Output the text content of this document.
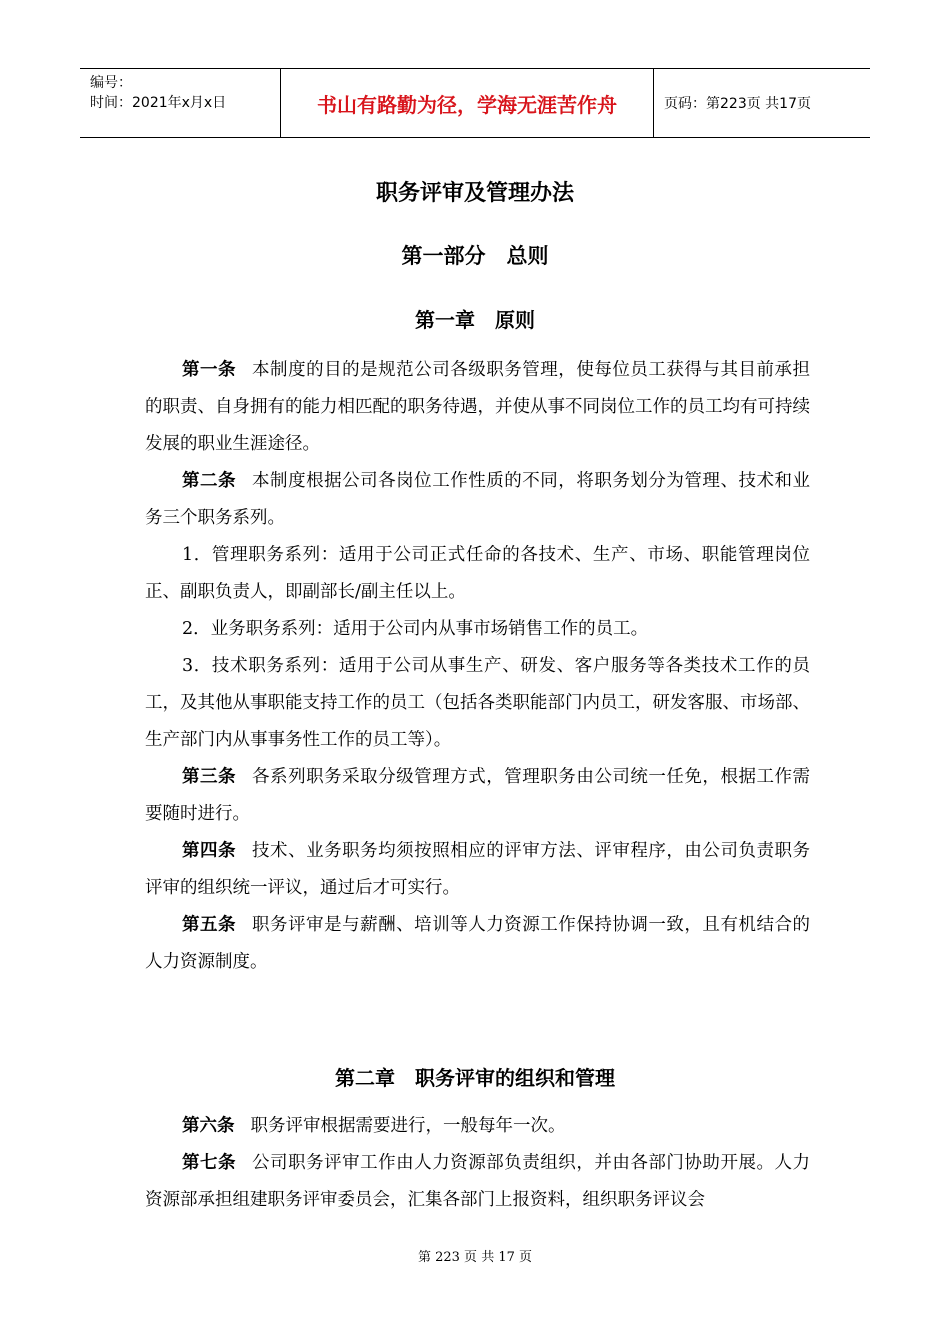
编号：
时间：2021年x月x日	书山有路勤为径，学海无涯苦作舟	页码：第223页 共17页
职务评审及管理办法
第一部分　总则
第一章　原则

第一条 本制度的目的是规范公司各级职务管理，使每位员工获得与其目前承担的职责、自身拥有的能力相匹配的职务待遇，并使从事不同岗位工作的员工均有可持续发展的职业生涯途径。

第二条 本制度根据公司各岗位工作性质的不同，将职务划分为管理、技术和业务三个职务系列。

1．管理职务系列：适用于公司正式任命的各技术、生产、市场、职能管理岗位正、副职负责人，即副部长/副主任以上。

2．业务职务系列：适用于公司内从事市场销售工作的员工。

3．技术职务系列：适用于公司从事生产、研发、客户服务等各类技术工作的员工，及其他从事职能支持工作的员工（包括各类职能部门内员工，研发客服、市场部、生产部门内从事事务性工作的员工等）。

第三条 各系列职务采取分级管理方式，管理职务由公司统一任免，根据工作需要随时进行。

第四条 技术、业务职务均须按照相应的评审方法、评审程序，由公司负责职务评审的组织统一评议，通过后才可实行。

第五条 职务评审是与薪酬、培训等人力资源工作保持协调一致，且有机结合的人力资源制度。

第二章　职务评审的组织和管理

第六条 职务评审根据需要进行，一般每年一次。

第七条 公司职务评审工作由人力资源部负责组织，并由各部门协助开展。人力资源部承担组建职务评审委员会，汇集各部门上报资料，组织职务评议会

第 223 页 共 17 页
